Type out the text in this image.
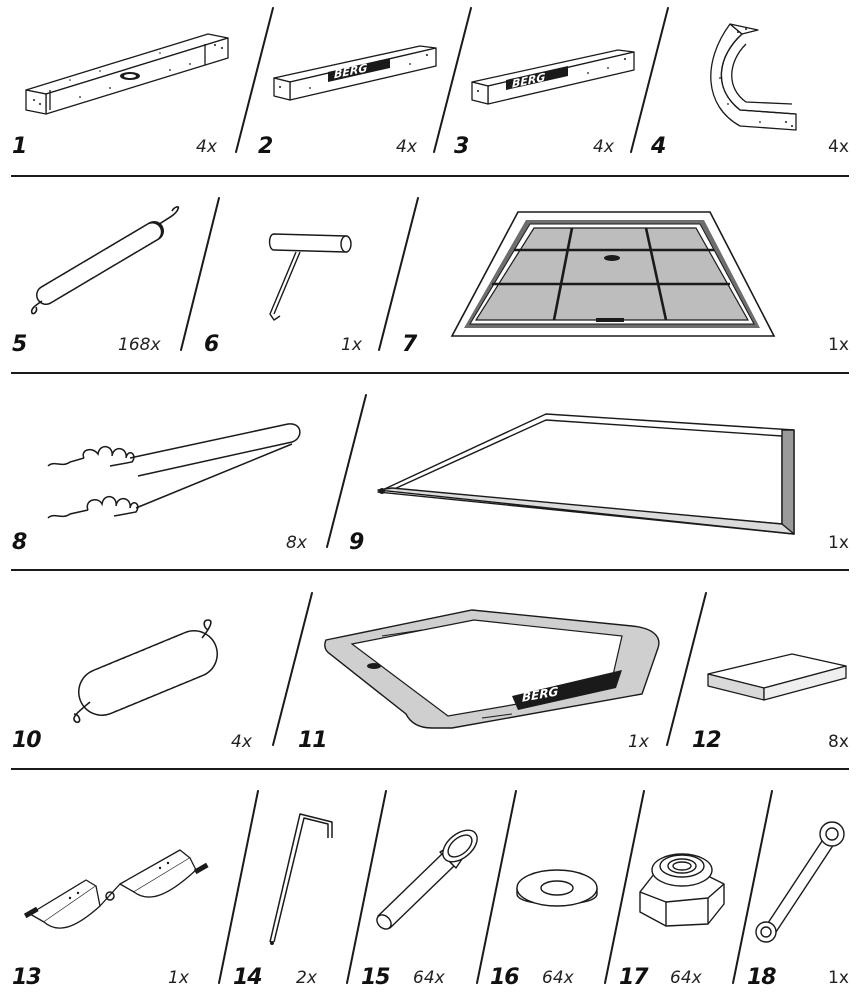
1	4x
BERG
2	4x
BERG
3	4x 4	4x
5	168x 6	1x 7	1x
8	8x 9	1x
10	4x
BERG
11	1x 12	8x
13	1x 14 2x 15 64x 16 64x 17 64x 18	1x
